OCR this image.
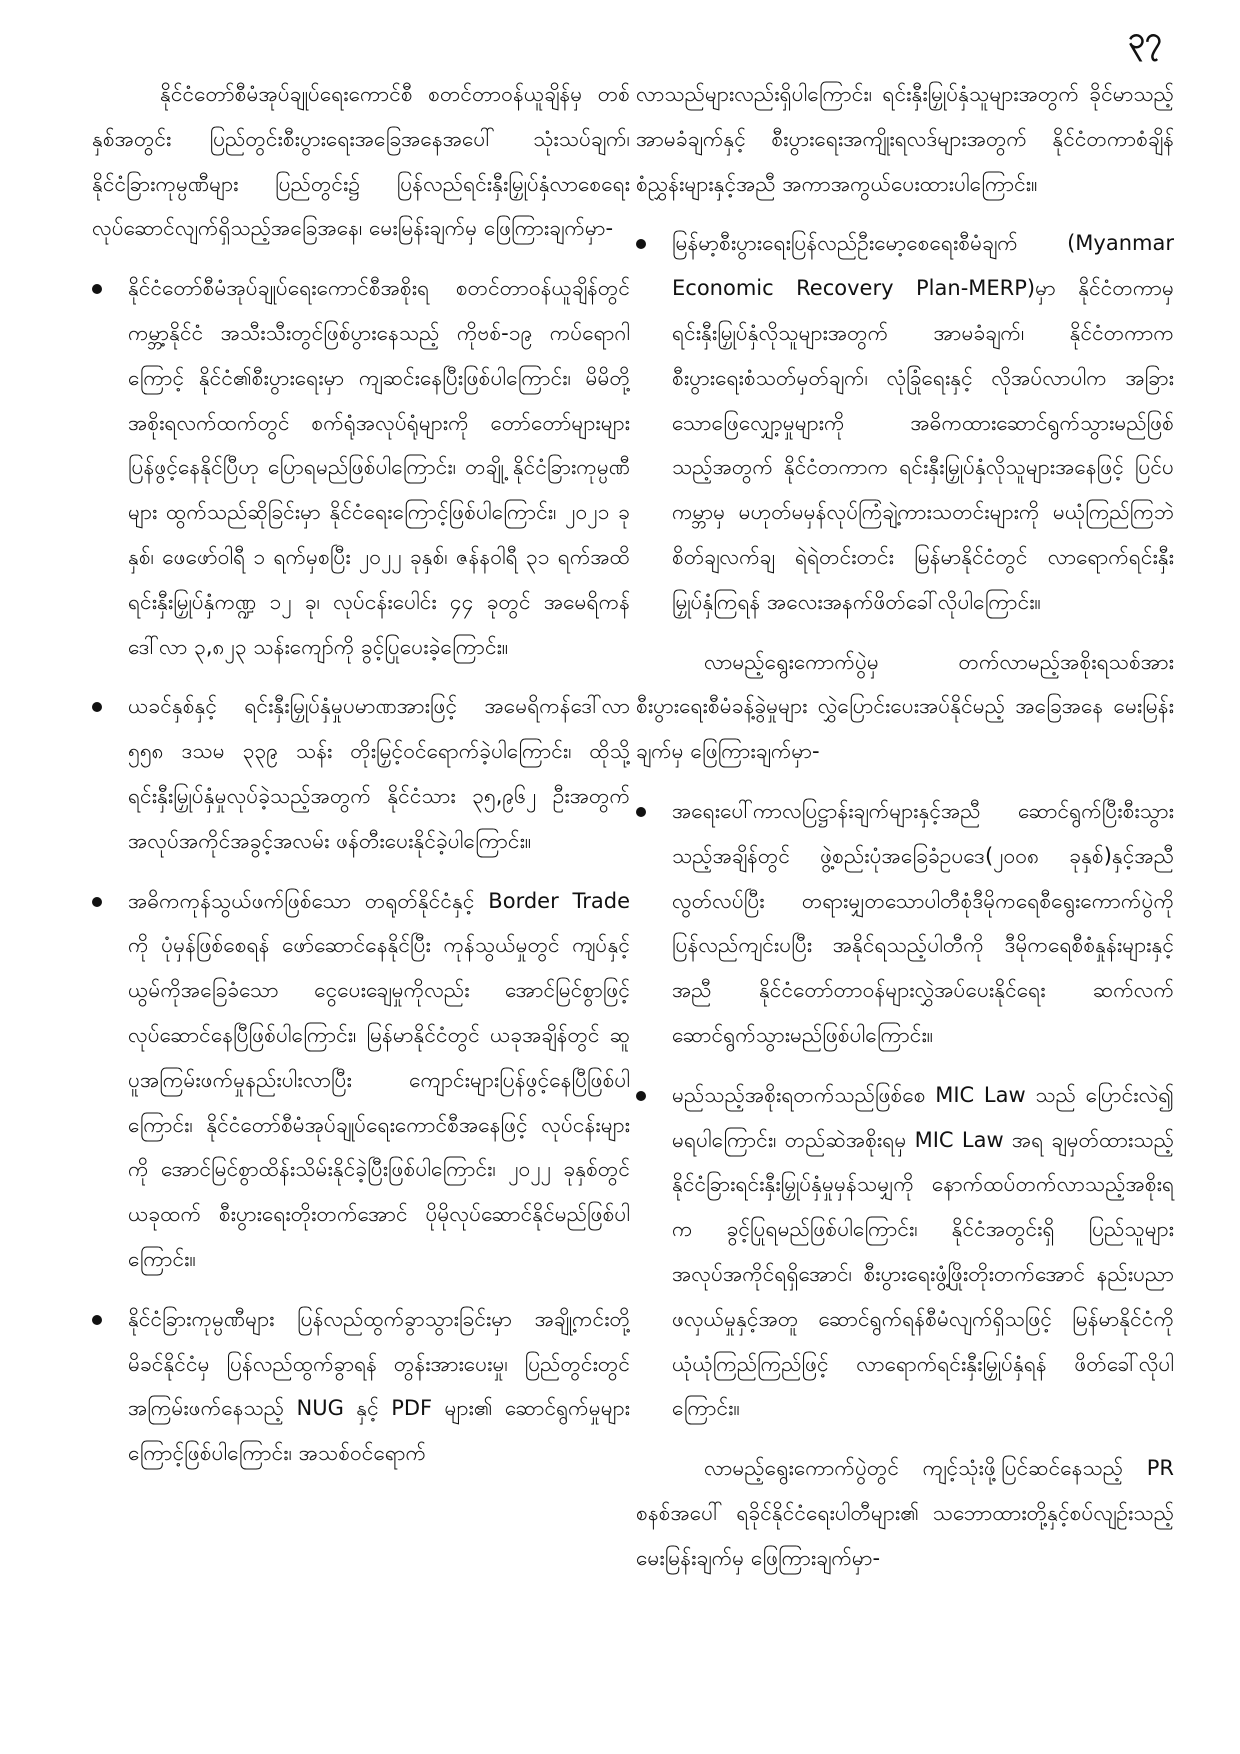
၃၇

နိုင်ငံတော်စီမံအုပ်ချုပ်ရေးကောင်စီ စတင်တာဝန်ယူချိန်မှ တစ်နှစ်အတွင်း ပြည်တွင်းစီးပွားရေးအခြေအနေအပေါ် သုံးသပ်ချက်၊ နိုင်ငံခြားကုမ္ပဏီများ ပြည်တွင်း၌ ပြန်လည်ရင်းနှီးမြှုပ်နှံလာစေရေး လုပ်ဆောင်လျက်ရှိသည့်အခြေအနေ၊ မေးမြန်းချက်မှ ဖြေကြားချက်မှာ-

နိုင်ငံတော်စီမံအုပ်ချုပ်ရေးကောင်စီအစိုးရ စတင်တာဝန်ယူချိန်တွင် ကမ္ဘာ့နိုင်ငံ အသီးသီးတွင်ဖြစ်ပွားနေသည့် ကိုဗစ်-၁၉ ကပ်ရောဂါကြောင့် နိုင်ငံ၏စီးပွားရေးမှာ ကျဆင်းနေပြီးဖြစ်ပါကြောင်း၊ မိမိတို့အစိုးရလက်ထက်တွင် စက်ရုံအလုပ်ရုံများကို တော်တော်များများ ပြန်ဖွင့်နေနိုင်ပြီဟု ပြောရမည်ဖြစ်ပါကြောင်း၊ တချို့ နိုင်ငံခြားကုမ္ပဏီများ ထွက်သည်ဆိုခြင်းမှာ နိုင်ငံရေးကြောင့်ဖြစ်ပါကြောင်း၊ ၂၀၂၁ ခုနှစ်၊ ဖေဖော်ဝါရီ ၁ ရက်မှစပြီး ၂၀၂၂ ခုနှစ်၊ ဇန်နဝါရီ ၃၁ ရက်အထိ ရင်းနှီးမြှုပ်နှံကဏ္ဍ ၁၂ ခု၊ လုပ်ငန်းပေါင်း ၄၄ ခုတွင် အမေရိကန်ဒေါ်လာ ၃,၈၂၃ သန်းကျော်ကို ခွင့်ပြုပေးခဲ့ကြောင်း။
ယခင်နှစ်နှင့် ရင်းနှီးမြှုပ်နှံမှုပမာဏအားဖြင့် အမေရိကန်ဒေါ်လာ ၅၅၈ ဒသမ ၃၃၉ သန်း တိုးမြှင့်ဝင်ရောက်ခဲ့ပါကြောင်း၊ ထိုသို့ ရင်းနှီးမြှုပ်နှံမှုလုပ်ခဲ့သည့်အတွက် နိုင်ငံသား ၃၅,၉၆၂ ဦးအတွက် အလုပ်အကိုင်အခွင့်အလမ်း ဖန်တီးပေးနိုင်ခဲ့ပါကြောင်း။
အဓိကကုန်သွယ်ဖက်ဖြစ်သော တရုတ်နိုင်ငံနှင့် Border Trade ကို ပုံမှန်ဖြစ်စေရန် ဖော်ဆောင်နေနိုင်ပြီး ကုန်သွယ်မှုတွင် ကျပ်နှင့် ယွမ်ကိုအခြေခံသော ငွေပေးချေမှုကိုလည်း အောင်မြင်စွာဖြင့် လုပ်ဆောင်နေပြီဖြစ်ပါကြောင်း၊ မြန်မာနိုင်ငံတွင် ယခုအချိန်တွင် ဆူပူအကြမ်းဖက်မှုနည်းပါးလာပြီး ကျောင်းများပြန်ဖွင့်နေပြီဖြစ်ပါကြောင်း၊ နိုင်ငံတော်စီမံအုပ်ချုပ်ရေးကောင်စီအနေဖြင့် လုပ်ငန်းများကို အောင်မြင်စွာထိန်းသိမ်းနိုင်ခဲ့ပြီးဖြစ်ပါကြောင်း၊ ၂၀၂၂ ခုနှစ်တွင် ယခုထက် စီးပွားရေးတိုးတက်အောင် ပိုမိုလုပ်ဆောင်နိုင်မည်ဖြစ်ပါကြောင်း။
နိုင်ငံခြားကုမ္ပဏီများ ပြန်လည်ထွက်ခွာသွားခြင်းမှာ အချို့ကင်းတို့ မိခင်နိုင်ငံမှ ပြန်လည်ထွက်ခွာရန် တွန်းအားပေးမှု၊ ပြည်တွင်းတွင် အကြမ်းဖက်နေသည့် NUG နှင့် PDF များ၏ ဆောင်ရွက်မှုများကြောင့်ဖြစ်ပါကြောင်း၊ အသစ်ဝင်ရောက်

လာသည်များလည်းရှိပါကြောင်း၊ ရင်းနှီးမြှုပ်နှံသူများအတွက် ခိုင်မာသည့်အာမခံချက်နှင့် စီးပွားရေးအကျိုးရလဒ်များအတွက် နိုင်ငံတကာစံချိန်စံညွှန်းများနှင့်အညီ အကာအကွယ်ပေးထားပါကြောင်း။

မြန်မာ့စီးပွားရေးပြန်လည်ဦးမော့စေရေးစီမံချက် (Myanmar Economic Recovery Plan-MERP)မှာ နိုင်ငံတကာမှ ရင်းနှီးမြှုပ်နှံလိုသူများအတွက် အာမခံချက်၊ နိုင်ငံတကာက စီးပွားရေးစံသတ်မှတ်ချက်၊ လုံခြုံရေးနှင့် လိုအပ်လာပါက အခြားသောဖြေလျှော့မှုများကို အဓိကထားဆောင်ရွက်သွားမည်ဖြစ်သည့်အတွက် နိုင်ငံတကာက ရင်းနှီးမြှုပ်နှံလိုသူများအနေဖြင့် ပြင်ပကမ္ဘာမှ မဟုတ်မမှန်လုပ်ကြံချဲ့ကားသတင်းများကို မယုံကြည်ကြဘဲ စိတ်ချလက်ချ ရဲရဲတင်းတင်း မြန်မာနိုင်ငံတွင် လာရောက်ရင်းနှီးမြှုပ်နှံကြရန် အလေးအနက်ဖိတ်ခေါ်လိုပါကြောင်း။

လာမည့်ရွေးကောက်ပွဲမှ တက်လာမည့်အစိုးရသစ်အား စီးပွားရေးစီမံခန့်ခွဲမှုများ လွှဲပြောင်းပေးအပ်နိုင်မည့် အခြေအနေ မေးမြန်းချက်မှ ဖြေကြားချက်မှာ-

အရေးပေါ်ကာလပြဋ္ဌာန်းချက်များနှင့်အညီ ဆောင်ရွက်ပြီးစီးသွားသည့်အချိန်တွင် ဖွဲ့စည်းပုံအခြေခံဥပဒေ(၂၀၀၈ ခုနှစ်)နှင့်အညီ လွတ်လပ်ပြီး တရားမျှတသောပါတီစုံဒီမိုကရေစီရွေးကောက်ပွဲကို ပြန်လည်ကျင်းပပြီး အနိုင်ရသည့်ပါတီကို ဒီမိုကရေစီစံနှုန်းများနှင့်အညီ နိုင်ငံတော်တာဝန်များလွှဲအပ်ပေးနိုင်ရေး ဆက်လက်ဆောင်ရွက်သွားမည်ဖြစ်ပါကြောင်း။
မည်သည့်အစိုးရတက်သည်ဖြစ်စေ MIC Law သည် ပြောင်းလဲ၍ မရပါကြောင်း၊ တည်ဆဲအစိုးရမှ MIC Law အရ ချမှတ်ထားသည့် နိုင်ငံခြားရင်းနှီးမြှုပ်နှံမှုမှန်သမျှကို နောက်ထပ်တက်လာသည့်အစိုးရက ခွင့်ပြုရမည်ဖြစ်ပါကြောင်း၊ နိုင်ငံအတွင်းရှိ ပြည်သူများ အလုပ်အကိုင်ရရှိအောင်၊ စီးပွားရေးဖွံ့ဖြိုးတိုးတက်အောင် နည်းပညာဖလှယ်မှုနှင့်အတူ ဆောင်ရွက်ရန်စီမံလျက်ရှိသဖြင့် မြန်မာနိုင်ငံကို ယုံယုံကြည်ကြည်ဖြင့် လာရောက်ရင်းနှီးမြှုပ်နှံရန် ဖိတ်ခေါ်လိုပါကြောင်း။

လာမည့်ရွေးကောက်ပွဲတွင် ကျင့်သုံးဖို့ပြင်ဆင်နေသည့် PR စနစ်အပေါ် ရခိုင်နိုင်ငံရေးပါတီများ၏ သဘောထားတို့နှင့်စပ်လျဉ်းသည့် မေးမြန်းချက်မှ ဖြေကြားချက်မှာ-
